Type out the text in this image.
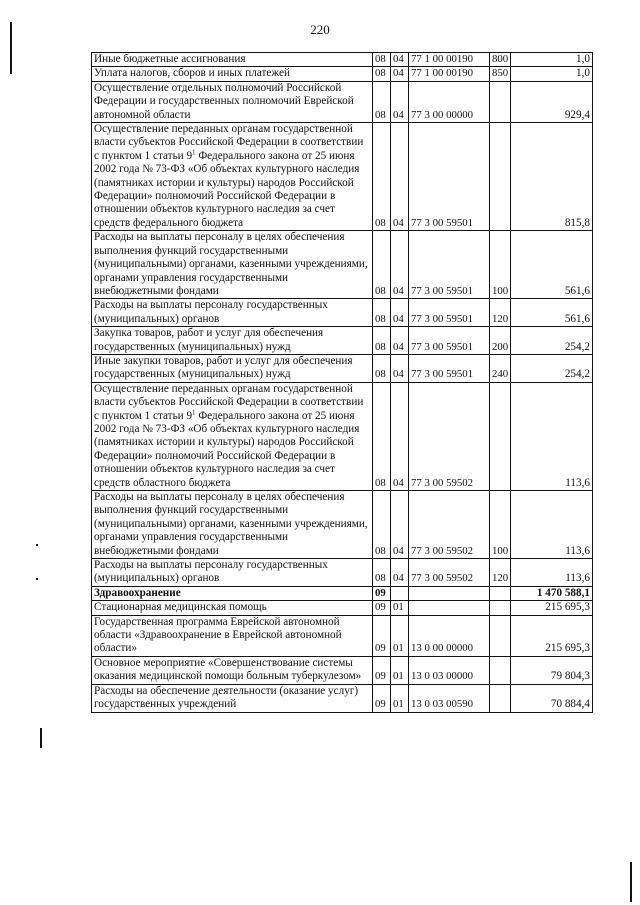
220
Иные бюджетные ассигнования	08	04	77 1 00 00190	800	1,0
Уплата налогов, сборов и иных платежей	08	04	77 1 00 00190	850	1,0
Осуществление отдельных полномочий Российской Федерации и государственных полномочий Еврейской автономной области	08	04	77 3 00 00000		929,4
Осуществление переданных органам государственной власти субъектов Российской Федерации в соответствии с пунктом 1 статьи $9^1$ Федерального закона от 25 июня 2002 года № 73-ФЗ «Об объектах культурного наследия (памятниках истории и культуры) народов Российской Федерации» полномочий Российской Федерации в отношении объектов культурного наследия за счет средств федерального бюджета	08	04	77 3 00 59501		815,8
Расходы на выплаты персоналу в целях обеспечения выполнения функций государственными (муниципальными) органами, казенными учреждениями, органами управления государственными внебюджетными фондами	08	04	77 3 00 59501	100	561,6
Расходы на выплаты персоналу государственных (муниципальных) органов	08	04	77 3 00 59501	120	561,6
Закупка товаров, работ и услуг для обеспечения государственных (муниципальных) нужд	08	04	77 3 00 59501	200	254,2
Иные закупки товаров, работ и услуг для обеспечения государственных (муниципальных) нужд	08	04	77 3 00 59501	240	254,2
Осуществление переданных органам государственной власти субъектов Российской Федерации в соответствии с пунктом 1 статьи $9^1$ Федерального закона от 25 июня 2002 года № 73-ФЗ «Об объектах культурного наследия (памятниках истории и культуры) народов Российской Федерации» полномочий Российской Федерации в отношении объектов культурного наследия за счет средств областного бюджета	08	04	77 3 00 59502		113,6
Расходы на выплаты персоналу в целях обеспечения выполнения функций государственными (муниципальными) органами, казенными учреждениями, органами управления государственными внебюджетными фондами	08	04	77 3 00 59502	100	113,6
Расходы на выплаты персоналу государственных (муниципальных) органов	08	04	77 3 00 59502	120	113,6
Здравоохранение	09				1 470 588,1
Стационарная медицинская помощь	09	01			215 695,3
Государственная программа Еврейской автономной области «Здравоохранение в Еврейской автономной области»	09	01	13 0 00 00000		215 695,3
Основное мероприятие «Совершенствование системы оказания медицинской помощи больным туберкулезом»	09	01	13 0 03 00000		79 804,3
Расходы на обеспечение деятельности (оказание услуг) государственных учреждений	09	01	13 0 03 00590		70 884,4
